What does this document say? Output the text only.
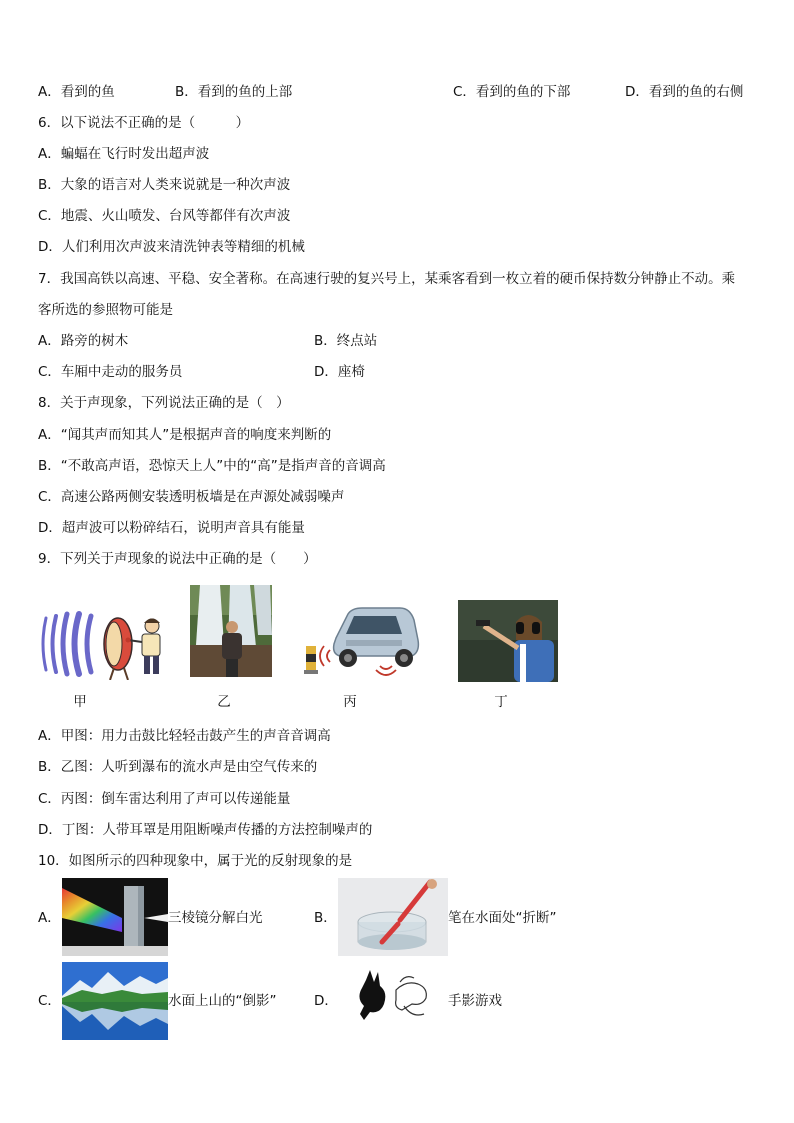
A．看到的鱼	B．看到的鱼的上部	C．看到的鱼的下部	D．看到的鱼的右侧
6．以下说法不正确的是（　　　）
A．蝙蝠在飞行时发出超声波
B．大象的语言对人类来说就是一种次声波
C．地震、火山喷发、台风等都伴有次声波
D．人们利用次声波来清洗钟表等精细的机械
7．我国高铁以高速、平稳、安全著称。在高速行驶的复兴号上，某乘客看到一枚立着的硬币保持数分钟静止不动。乘
客所选的参照物可能是
A．路旁的树木	B．终点站
C．车厢中走动的服务员	D．座椅
8．关于声现象，下列说法正确的是（　）
A．“闻其声而知其人”是根据声音的响度来判断的
B．“不敢高声语，恐惊天上人”中的“高”是指声音的音调高
C．高速公路两侧安装透明板墙是在声源处减弱噪声
D．超声波可以粉碎结石，说明声音具有能量
9．下列关于声现象的说法中正确的是（　　）
甲	乙	丙	丁
A．甲图：用力击鼓比轻轻击鼓产生的声音音调高
B．乙图：人听到瀑布的流水声是由空气传来的
C．丙图：倒车雷达利用了声可以传递能量
D．丁图：人带耳罩是用阻断噪声传播的方法控制噪声的
10．如图所示的四种现象中，属于光的反射现象的是
A．	三棱镜分解白光	B．	笔在水面处“折断”
C．	水面上山的“倒影”	D．	手影游戏
